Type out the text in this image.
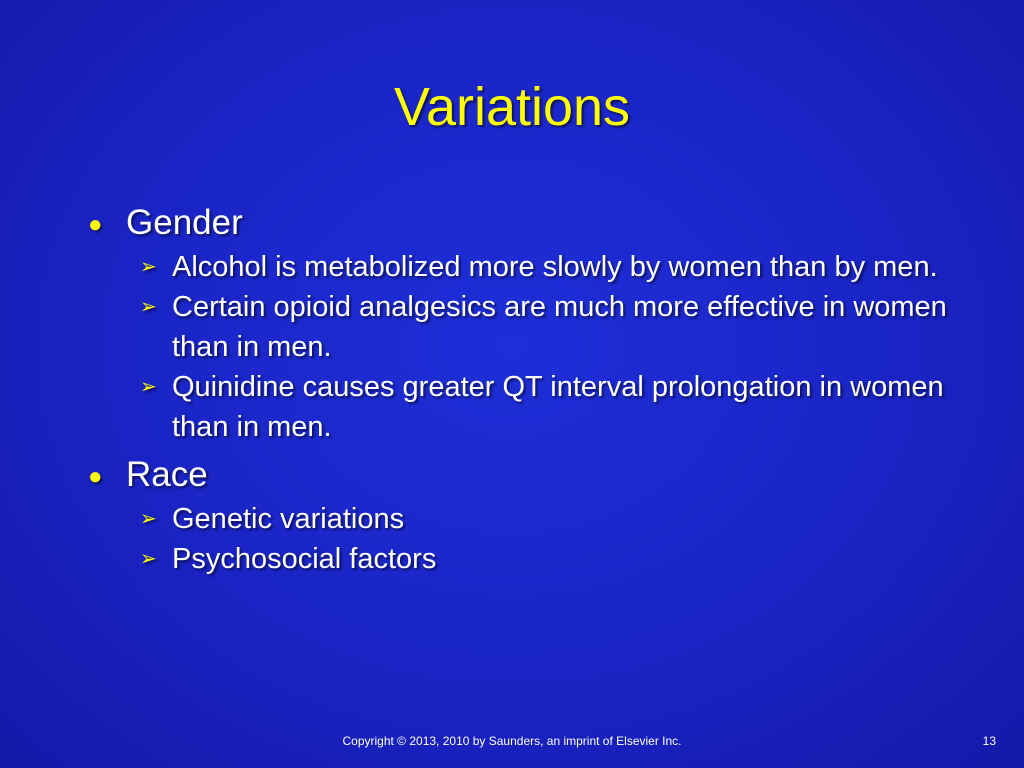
Variations
● Gender
➢ Alcohol is metabolized more slowly by women than by men.
➢ Certain opioid analgesics are much more effective in women than in men.
➢ Quinidine causes greater QT interval prolongation in women than in men.
● Race
➢ Genetic variations
➢ Psychosocial factors
Copyright © 2013, 2010 by Saunders, an imprint of Elsevier Inc.	13
